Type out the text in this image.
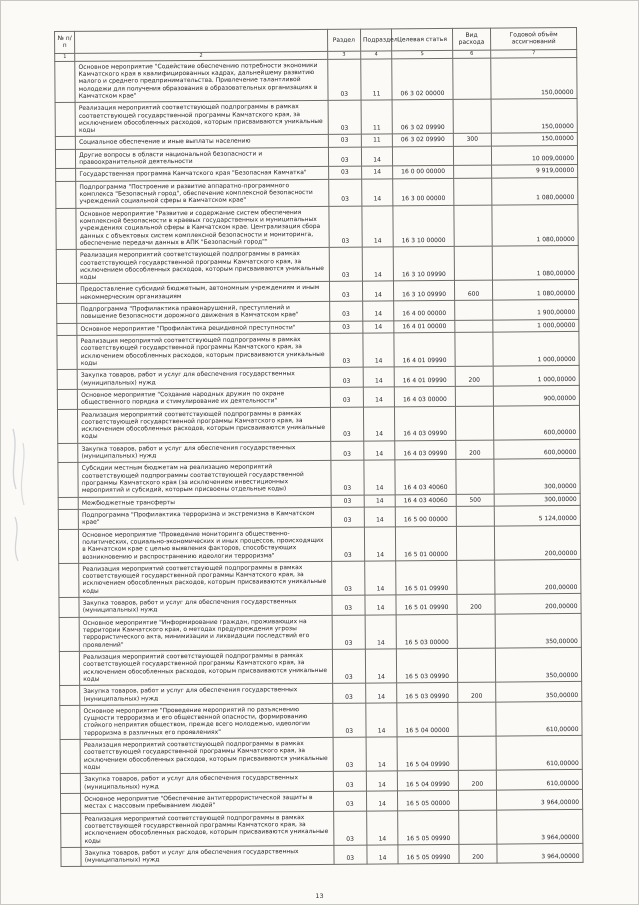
№ п/п		Раздел	Подраздел	Целевая статья	Вид расхода	Годовой объём ассигнований
1	2	3	4	5	6	7
	Основное мероприятие "Содействие обеспечению потребности экономики Камчатского края в квалифицированных кадрах, дальнейшему развитию малого и среднего предпринимательства. Привлечение талантливой молодежи для получения образования в образовательных организациях в Камчатском крае"	03	11	06 3 02 00000		150,00000
	Реализация мероприятий соответствующей подпрограммы в рамках соответствующей государственной программы Камчатского края, за исключением обособленных расходов, которым присваиваются уникальные коды	03	11	06 3 02 09990		150,00000
	Социальное обеспечение и иные выплаты населению	03	11	06 3 02 09990	300	150,00000
	Другие вопросы в области национальной безопасности и правоохранительной деятельности	03	14			10 009,00000
	Государственная программа Камчатского края "Безопасная Камчатка"	03	14	16 0 00 00000		9 919,00000
	Подпрограмма "Построение и развитие аппаратно-программного комплекса "Безопасный город", обеспечение комплексной безопасности учреждений социальной сферы в Камчатском крае"	03	14	16 3 00 00000		1 080,00000
	Основное мероприятие "Развитие и содержание систем обеспечения комплексной безопасности в краевых государственных и муниципальных учреждениях социальной сферы в Камчатском крае. Централизация сбора данных с объектовых систем комплексной безопасности и мониторинга, обеспечение передачи данных в АПК "Безопасный город""	03	14	16 3 10 00000		1 080,00000
	Реализация мероприятий соответствующей подпрограммы в рамках соответствующей государственной программы Камчатского края, за исключением обособленных расходов, которым присваиваются уникальные коды	03	14	16 3 10 09990		1 080,00000
	Предоставление субсидий бюджетным, автономным учреждениям и иным некоммерческим организациям	03	14	16 3 10 09990	600	1 080,00000
	Подпрограмма "Профилактика правонарушений, преступлений и повышение безопасности дорожного движения в Камчатском крае"	03	14	16 4 00 00000		1 900,00000
	Основное мероприятие "Профилактика рецидивной преступности"	03	14	16 4 01 00000		1 000,00000
	Реализация мероприятий соответствующей подпрограммы в рамках соответствующей государственной программы Камчатского края, за исключением обособленных расходов, которым присваиваются уникальные коды	03	14	16 4 01 09990		1 000,00000
	Закупка товаров, работ и услуг для обеспечения государственных (муниципальных) нужд	03	14	16 4 01 09990	200	1 000,00000
	Основное мероприятие "Создание народных дружин по охране общественного порядка и стимулирование их деятельности"	03	14	16 4 03 00000		900,00000
	Реализация мероприятий соответствующей подпрограммы в рамках соответствующей государственной программы Камчатского края, за исключением обособленных расходов, которым присваиваются уникальные коды	03	14	16 4 03 09990		600,00000
	Закупка товаров, работ и услуг для обеспечения государственных (муниципальных) нужд	03	14	16 4 03 09990	200	600,00000
	Субсидии местным бюджетам на реализацию мероприятий соответствующей подпрограммы соответствующей государственной программы Камчатского края (за исключением инвестиционных мероприятий и субсидий, которым присвоены отдельные коды)	03	14	16 4 03 40060		300,00000
	Межбюджетные трансферты	03	14	16 4 03 40060	500	300,00000
	Подпрограмма "Профилактика терроризма и экстремизма в Камчатском крае"	03	14	16 5 00 00000		5 124,00000
	Основное мероприятие "Проведение мониторинга общественно-политических, социально-экономических и иных процессов, происходящих в Камчатском крае с целью выявления факторов, способствующих возникновению и распространению идеологии терроризма"	03	14	16 5 01 00000		200,00000
	Реализация мероприятий соответствующей подпрограммы в рамках соответствующей государственной программы Камчатского края, за исключением обособленных расходов, которым присваиваются уникальные коды	03	14	16 5 01 09990		200,00000
	Закупка товаров, работ и услуг для обеспечения государственных (муниципальных) нужд	03	14	16 5 01 09990	200	200,00000
	Основное мероприятие "Информирование граждан, проживающих на территории Камчатского края, о методах предупреждения угрозы террористического акта, минимизации и ликвидации последствий его проявлений"	03	14	16 5 03 00000		350,00000
	Реализация мероприятий соответствующей подпрограммы в рамках соответствующей государственной программы Камчатского края, за исключением обособленных расходов, которым присваиваются уникальные коды	03	14	16 5 03 09990		350,00000
	Закупка товаров, работ и услуг для обеспечения государственных (муниципальных) нужд	03	14	16 5 03 09990	200	350,00000
	Основное мероприятие "Проведение мероприятий по разъяснению сущности терроризма и его общественной опасности, формированию стойкого неприятия обществом, прежде всего молодежью, идеологии терроризма в различных его проявлениях"	03	14	16 5 04 00000		610,00000
	Реализация мероприятий соответствующей подпрограммы в рамках соответствующей государственной программы Камчатского края, за исключением обособленных расходов, которым присваиваются уникальные коды	03	14	16 5 04 09990		610,00000
	Закупка товаров, работ и услуг для обеспечения государственных (муниципальных) нужд	03	14	16 5 04 09990	200	610,00000
	Основное мероприятие "Обеспечение антитеррористической защиты в местах с массовым пребыванием людей"	03	14	16 5 05 00000		3 964,00000
	Реализация мероприятий соответствующей подпрограммы в рамках соответствующей государственной программы Камчатского края, за исключением обособленных расходов, которым присваиваются уникальные коды	03	14	16 5 05 09990		3 964,00000
	Закупка товаров, работ и услуг для обеспечения государственных (муниципальных) нужд	03	14	16 5 05 09990	200	3 964,00000
13
